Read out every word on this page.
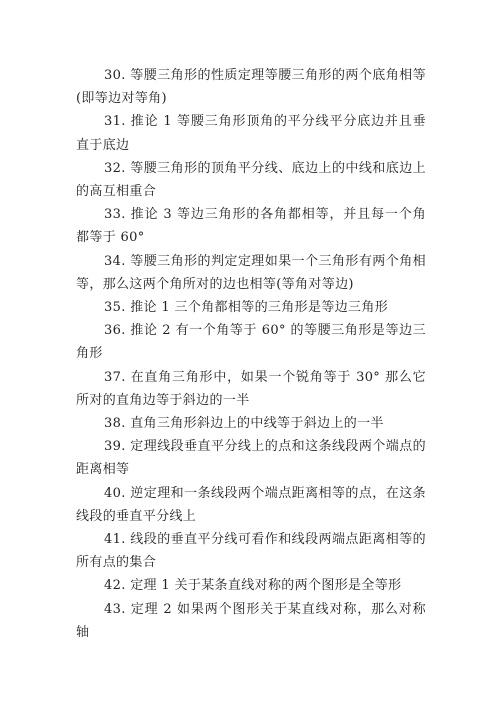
30. 等腰三角形的性质定理等腰三角形的两个底角相等(即等边对等角)

31. 推论 1 等腰三角形顶角的平分线平分底边并且垂直于底边

32. 等腰三角形的顶角平分线、底边上的中线和底边上的高互相重合

33. 推论 3 等边三角形的各角都相等，并且每一个角都等于 60°

34. 等腰三角形的判定定理如果一个三角形有两个角相等，那么这两个角所对的边也相等(等角对等边)

35. 推论 1 三个角都相等的三角形是等边三角形

36. 推论 2 有一个角等于 60° 的等腰三角形是等边三角形

37. 在直角三角形中，如果一个锐角等于 30° 那么它所对的直角边等于斜边的一半

38. 直角三角形斜边上的中线等于斜边上的一半

39. 定理线段垂直平分线上的点和这条线段两个端点的距离相等

40. 逆定理和一条线段两个端点距离相等的点，在这条线段的垂直平分线上

41. 线段的垂直平分线可看作和线段两端点距离相等的所有点的集合

42. 定理 1 关于某条直线对称的两个图形是全等形

43. 定理 2 如果两个图形关于某直线对称，那么对称轴
